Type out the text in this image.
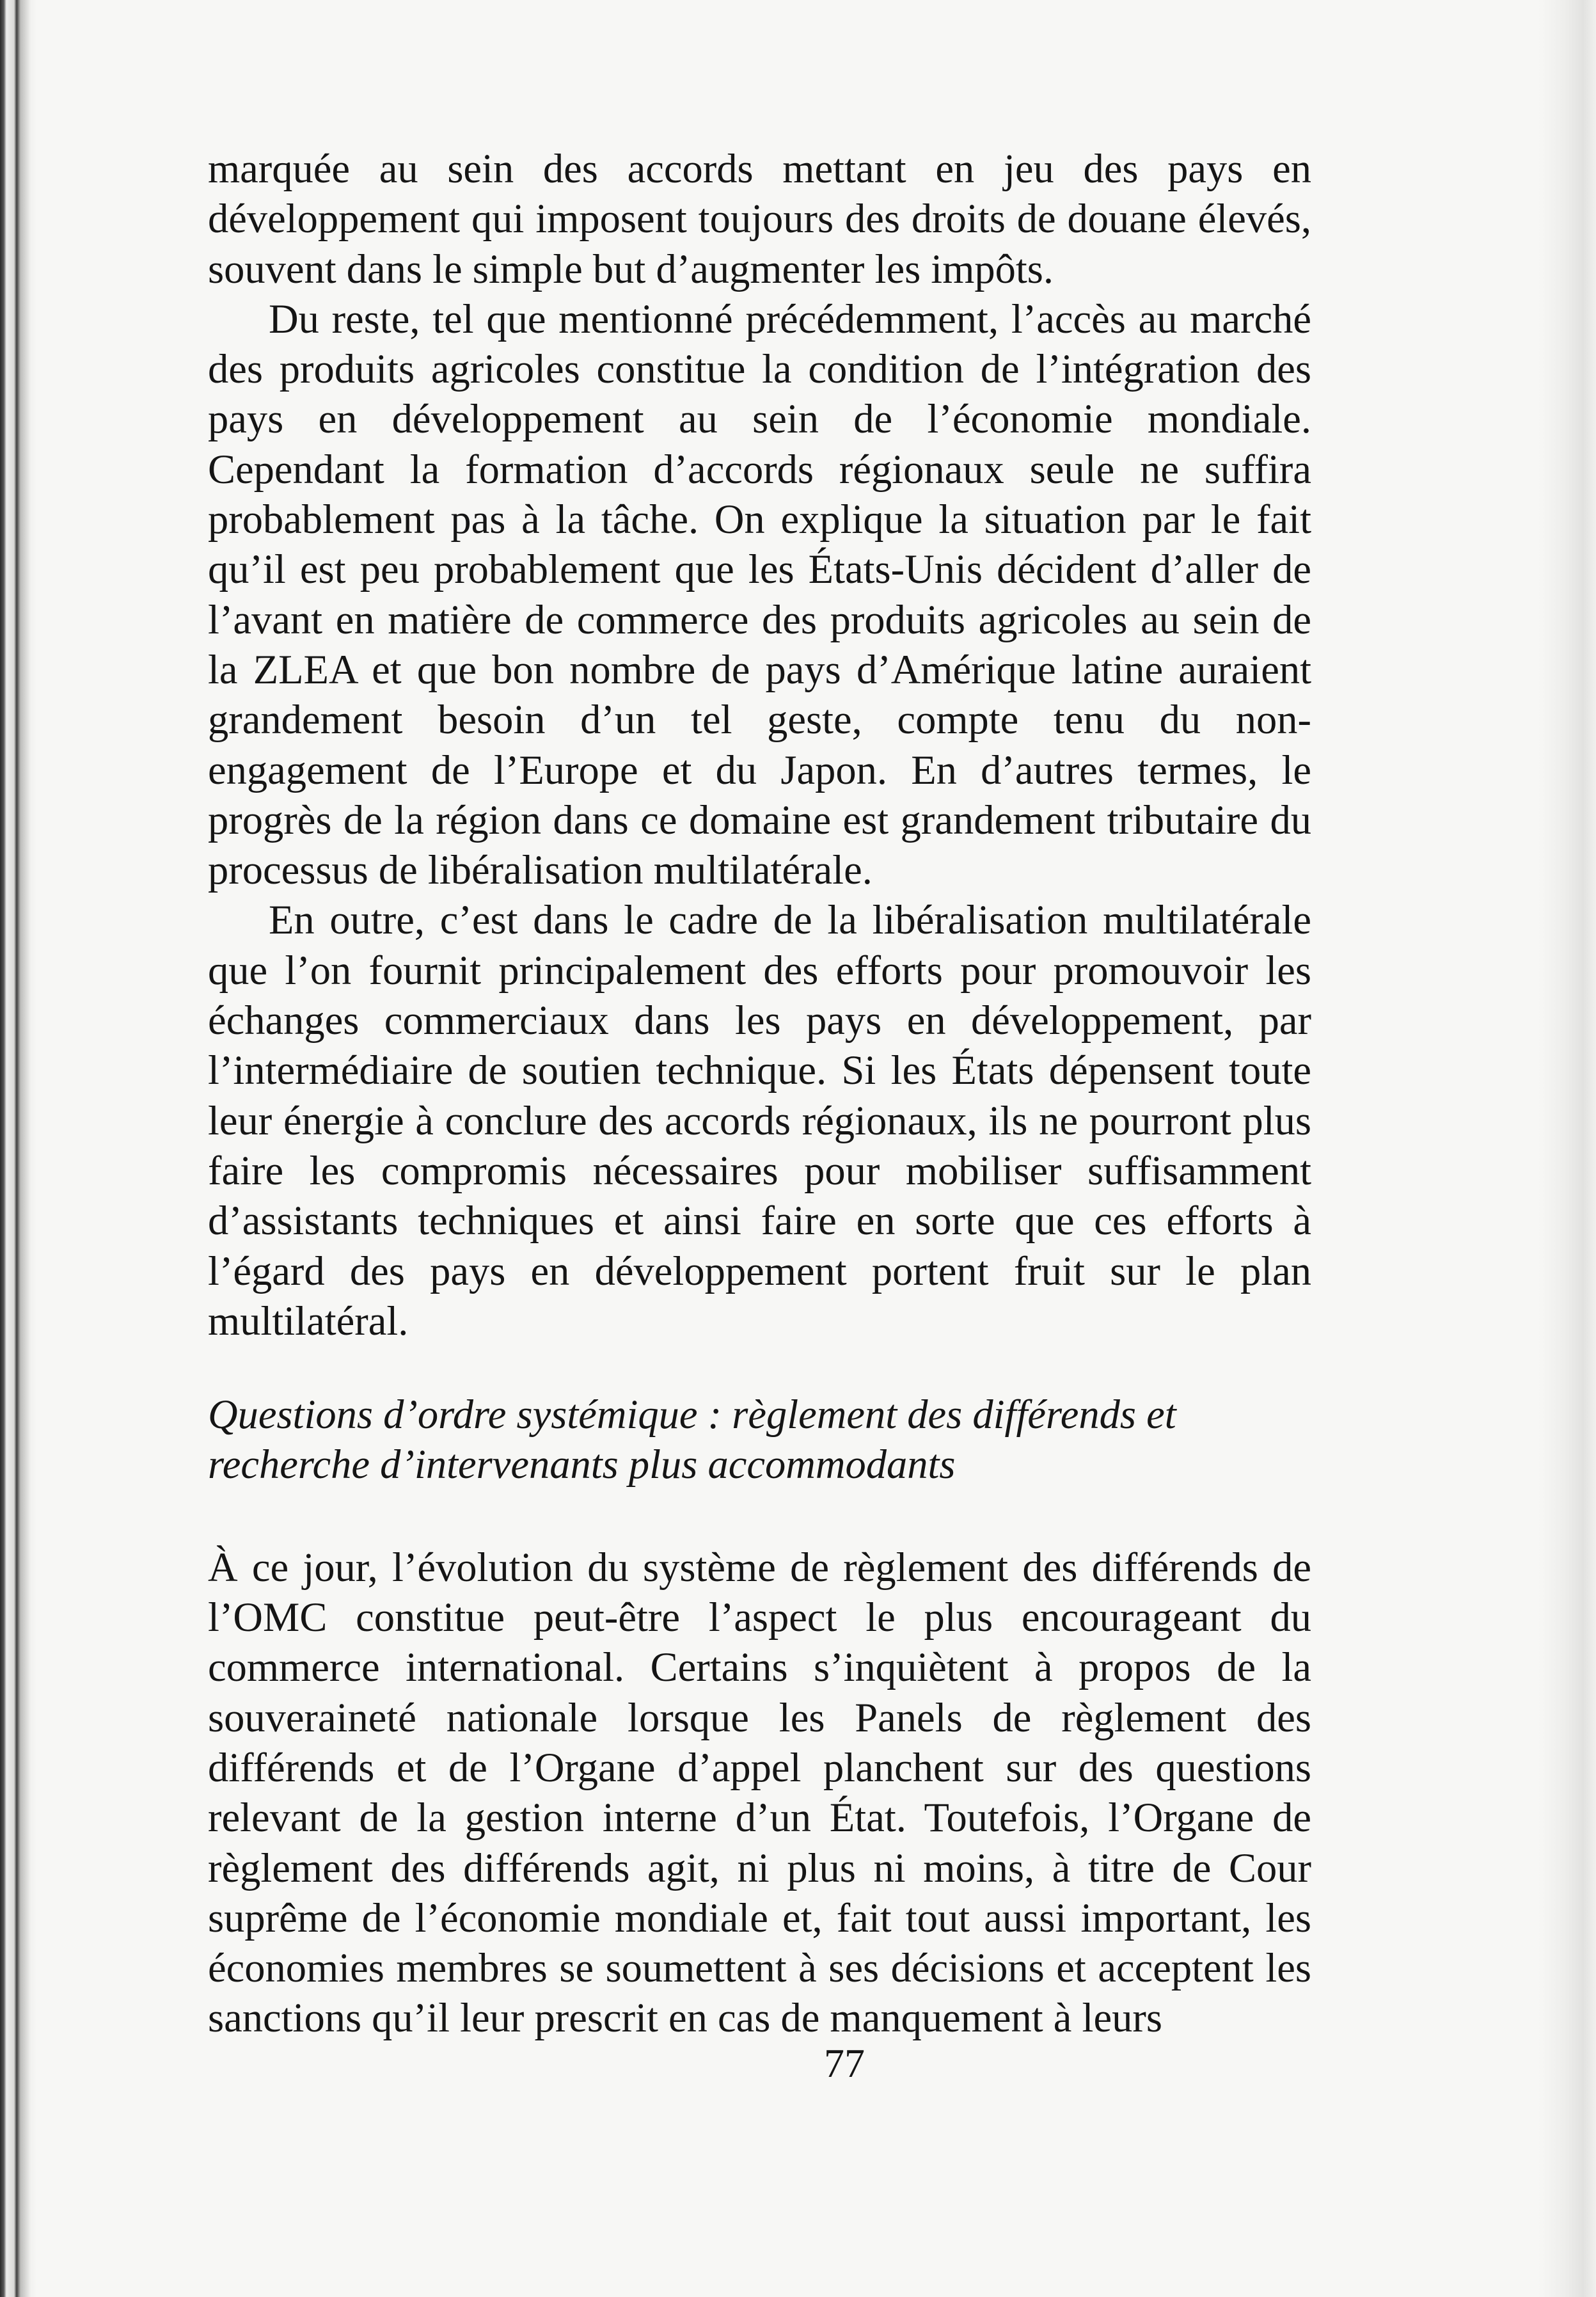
marquée au sein des accords mettant en jeu des pays en développement qui imposent toujours des droits de douane élevés, souvent dans le simple but d’augmenter les impôts.

Du reste, tel que mentionné précédemment, l’accès au marché des produits agricoles constitue la condition de l’intégration des pays en développement au sein de l’économie mondiale. Cependant la formation d’accords régionaux seule ne suffira probablement pas à la tâche. On explique la situation par le fait qu’il est peu probablement que les États-Unis décident d’aller de l’avant en matière de commerce des produits agricoles au sein de la ZLEA et que bon nombre de pays d’Amérique latine auraient grandement besoin d’un tel geste, compte tenu du non-engagement de l’Europe et du Japon. En d’autres termes, le progrès de la région dans ce domaine est grandement tributaire du processus de libéralisation multilatérale.

En outre, c’est dans le cadre de la libéralisation multilatérale que l’on fournit principalement des efforts pour promouvoir les échanges commerciaux dans les pays en développement, par l’intermédiaire de soutien technique. Si les États dépensent toute leur énergie à conclure des accords régionaux, ils ne pourront plus faire les compromis nécessaires pour mobiliser suffisamment d’assistants techniques et ainsi faire en sorte que ces efforts à l’égard des pays en développement portent fruit sur le plan multilatéral.

Questions d’ordre systémique : règlement des différends et recherche d’intervenants plus accommodants

À ce jour, l’évolution du système de règlement des différends de l’OMC constitue peut-être l’aspect le plus encourageant du commerce international. Certains s’inquiètent à propos de la souveraineté nationale lorsque les Panels de règlement des différends et de l’Organe d’appel planchent sur des questions relevant de la gestion interne d’un État. Toutefois, l’Organe de règlement des différends agit, ni plus ni moins, à titre de Cour suprême de l’économie mondiale et, fait tout aussi important, les économies membres se soumettent à ses décisions et acceptent les sanctions qu’il leur prescrit en cas de manquement à leurs

77
